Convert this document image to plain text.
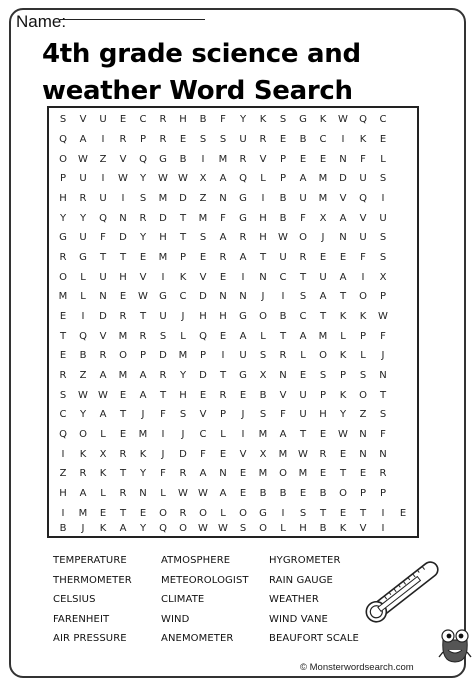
Name:
4th grade science and
weather Word Search
S	V	U	E	C	R	H	B	F	Y	K	S	G	K	W	Q	C
Q	A	I	R	P	R	E	S	S	U	R	E	B	C	I	K	E
O	W	Z	V	Q	G	B	I	M	R	V	P	E	E	N	F	L
P	U	I	W	Y	W	W	X	A	Q	L	P	A	M	D	U	S
H	R	U	I	S	M	D	Z	N	G	I	B	U	M	V	Q	I
Y	Y	Q	N	R	D	T	M	F	G	H	B	F	X	A	V	U
G	U	F	D	Y	H	T	S	A	R	H	W	O	J	N	U	S
R	G	T	T	E	M	P	E	R	A	T	U	R	E	E	F	S
O	L	U	H	V	I	K	V	E	I	N	C	T	U	A	I	X
M	L	N	E	W	G	C	D	N	N	J	I	S	A	T	O	P
E	I	D	R	T	U	J	H	H	G	O	B	C	T	K	K	W
T	Q	V	M	R	S	L	Q	E	A	L	T	A	M	L	P	F
E	B	R	O	P	D	M	P	I	U	S	R	L	O	K	L	J
R	Z	A	M	A	R	Y	D	T	G	X	N	E	S	P	S	N
S	W	W	E	A	T	H	E	R	E	B	V	U	P	K	O	T
C	Y	A	T	J	F	S	V	P	J	S	F	U	H	Y	Z	S
Q	O	L	E	M	I	J	C	L	I	M	A	T	E	W	N	F
I	K	X	R	K	J	D	F	E	V	X	M	W	R	E	N	N
Z	R	K	T	Y	F	R	A	N	E	M	O	M	E	T	E	R
H	A	L	R	N	L	W	W	A	E	B	B	E	B	O	P	P
I	M	E	T	E	O	R	O	L	O	G	I	S	T	E	T	I	E
B	J	K	A	Y	Q	O	W	W	S	O	L	H	B	K	V	I
TEMPERATURE
THERMOMETER
CELSIUS
FARENHEIT
AIR PRESSURE
ATMOSPHERE
METEOROLOGIST
CLIMATE
WIND
ANEMOMETER
HYGROMETER
RAIN GAUGE
WEATHER
WIND VANE
BEAUFORT SCALE
© Monsterwordsearch.com
